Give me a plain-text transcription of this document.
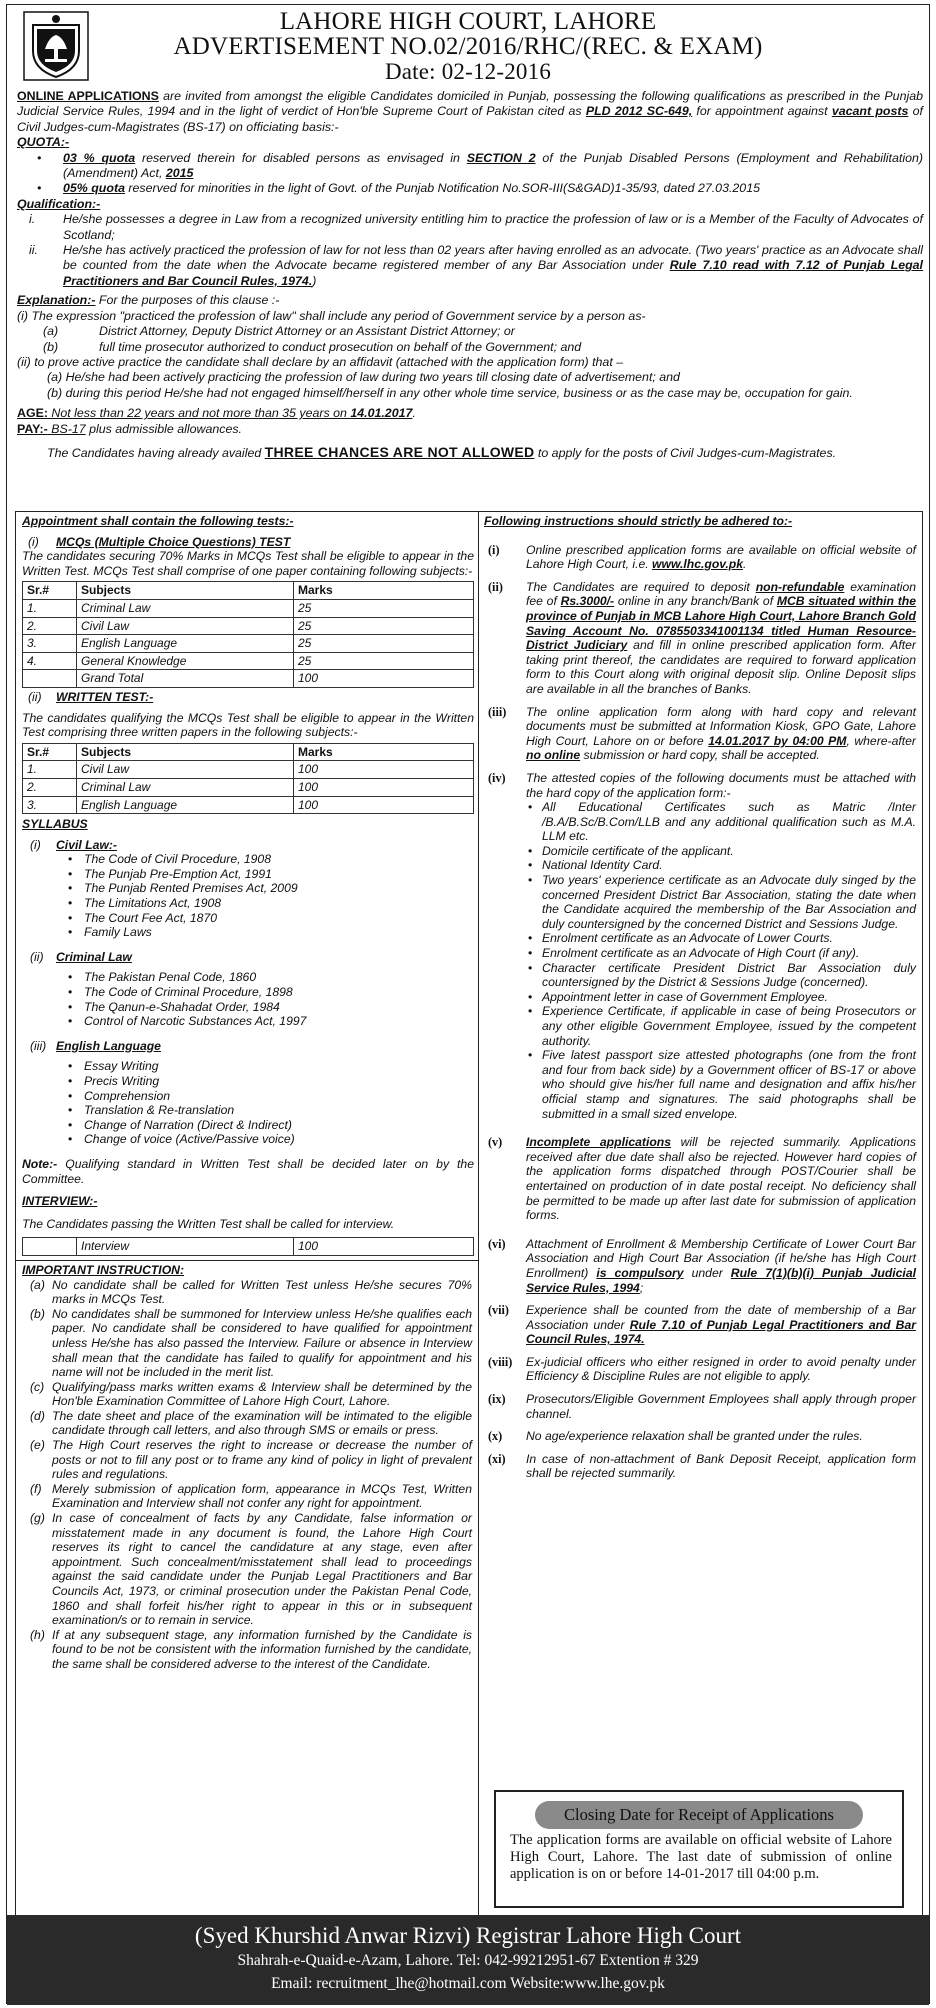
LAHORE HIGH COURT, LAHORE
ADVERTISEMENT NO.02/2016/RHC/(REC. & EXAM)
Date: 02-12-2016

ONLINE APPLICATIONS are invited from amongst the eligible Candidates domiciled in Punjab, possessing the following qualifications as prescribed in the Punjab Judicial Service Rules, 1994 and in the light of verdict of Hon'ble Supreme Court of Pakistan cited as PLD 2012 SC-649, for appointment against vacant posts of Civil Judges-cum-Magistrates (BS-17) on officiating basis:-

QUOTA:-
•	03 % quota reserved therein for disabled persons as envisaged in SECTION 2 of the Punjab Disabled Persons (Employment and Rehabilitation) (Amendment) Act, 2015
•	05% quota reserved for minorities in the light of Govt. of the Punjab Notification No.SOR-III(S&GAD)1-35/93, dated 27.03.2015
Qualification:-
i.	He/she possesses a degree in Law from a recognized university entitling him to practice the profession of law or is a Member of the Faculty of Advocates of Scotland;
ii.	He/she has actively practiced the profession of law for not less than 02 years after having enrolled as an advocate. (Two years' practice as an Advocate shall be counted from the date when the Advocate became registered member of any Bar Association under Rule 7.10 read with 7.12 of Punjab Legal Practitioners and Bar Council Rules, 1974.)
Explanation:- For the purposes of this clause :-
(i) The expression "practiced the profession of law" shall include any period of Government service by a person as-
(a)	District Attorney, Deputy District Attorney or an Assistant District Attorney; or
(b)	full time prosecutor authorized to conduct prosecution on behalf of the Government; and
(ii) to prove active practice the candidate shall declare by an affidavit (attached with the application form) that –
(a) He/she had been actively practicing the profession of law during two years till closing date of advertisement; and
(b) during this period He/she had not engaged himself/herself in any other whole time service, business or as the case may be, occupation for gain.
AGE: Not less than 22 years and not more than 35 years on 14.01.2017.
PAY:- BS-17 plus admissible allowances.
The Candidates having already availed THREE CHANCES ARE NOT ALLOWED to apply for the posts of Civil Judges-cum-Magistrates.
Appointment shall contain the following tests:-
(i)	MCQs (Multiple Choice Questions) TEST
The candidates securing 70% Marks in MCQs Test shall be eligible to appear in the Written Test. MCQs Test shall comprise of one paper containing following subjects:-
Sr.#	Subjects	Marks
1.	Criminal Law	25
2.	Civil Law	25
3.	English Language	25
4.	General Knowledge	25
	Grand Total	100
(ii)	WRITTEN TEST:-
The candidates qualifying the MCQs Test shall be eligible to appear in the Written Test comprising three written papers in the following subjects:-
Sr.#	Subjects	Marks
1.	Civil Law	100
2.	Criminal Law	100
3.	English Language	100
SYLLABUS
(i)	Civil Law:-
• The Code of Civil Procedure, 1908
• The Punjab Pre-Emption Act, 1991
• The Punjab Rented Premises Act, 2009
• The Limitations Act, 1908
• The Court Fee Act, 1870
• Family Laws
(ii)	Criminal Law
• The Pakistan Penal Code, 1860
• The Code of Criminal Procedure, 1898
• The Qanun-e-Shahadat Order, 1984
• Control of Narcotic Substances Act, 1997
(iii) English Language
• Essay Writing
• Precis Writing
• Comprehension
• Translation & Re-translation
• Change of Narration (Direct & Indirect)
• Change of voice (Active/Passive voice)
Note:- Qualifying standard in Written Test shall be decided later on by the Committee.
INTERVIEW:-
The Candidates passing the Written Test shall be called for interview.
	Interview	100
IMPORTANT INSTRUCTION:
(a) No candidate shall be called for Written Test unless He/she secures 70% marks in MCQs Test.
(b) No candidates shall be summoned for Interview unless He/she qualifies each paper. No candidate shall be considered to have qualified for appointment unless He/she has also passed the Interview. Failure or absence in Interview shall mean that the candidate has failed to qualify for appointment and his name will not be included in the merit list.
(c) Qualifying/pass marks written exams & Interview shall be determined by the Hon'ble Examination Committee of Lahore High Court, Lahore.
(d) The date sheet and place of the examination will be intimated to the eligible candidate through call letters, and also through SMS or emails or press.
(e) The High Court reserves the right to increase or decrease the number of posts or not to fill any post or to frame any kind of policy in light of prevalent rules and regulations.
(f) Merely submission of application form, appearance in MCQs Test, Written Examination and Interview shall not confer any right for appointment.
(g) In case of concealment of facts by any Candidate, false information or misstatement made in any document is found, the Lahore High Court reserves its right to cancel the candidature at any stage, even after appointment. Such concealment/misstatement shall lead to proceedings against the said candidate under the Punjab Legal Practitioners and Bar Councils Act, 1973, or criminal prosecution under the Pakistan Penal Code, 1860 and shall forfeit his/her right to appear in this or in subsequent examination/s or to remain in service.
(h) If at any subsequent stage, any information furnished by the Candidate is found to be not be consistent with the information furnished by the candidate, the same shall be considered adverse to the interest of the Candidate.
Following instructions should strictly be adhered to:-
(i)	Online prescribed application forms are available on official website of Lahore High Court, i.e. www.lhc.gov.pk.
(ii)	The Candidates are required to deposit non-refundable examination fee of Rs.3000/- online in any branch/Bank of MCB situated within the province of Punjab in MCB Lahore High Court, Lahore Branch Gold Saving Account No. 0785503341001134 titled Human Resource-District Judiciary and fill in online prescribed application form. After taking print thereof, the candidates are required to forward application form to this Court along with original deposit slip. Online Deposit slips are available in all the branches of Banks.
(iii)	The online application form along with hard copy and relevant documents must be submitted at Information Kiosk, GPO Gate, Lahore High Court, Lahore on or before 14.01.2017 by 04:00 PM, where-after no online submission or hard copy, shall be accepted.
(iv)	The attested copies of the following documents must be attached with the hard copy of the application form:-
• All Educational Certificates such as Matric /Inter /B.A/B.Sc/B.Com/LLB and any additional qualification such as M.A. LLM etc.
• Domicile certificate of the applicant.
• National Identity Card.
• Two years' experience certificate as an Advocate duly singed by the concerned President District Bar Association, stating the date when the Candidate acquired the membership of the Bar Association and duly countersigned by the concerned District and Sessions Judge.
• Enrolment certificate as an Advocate of Lower Courts.
• Enrolment certificate as an Advocate of High Court (if any).
• Character certificate President District Bar Association duly countersigned by the District & Sessions Judge (concerned).
• Appointment letter in case of Government Employee.
• Experience Certificate, if applicable in case of being Prosecutors or any other eligible Government Employee, issued by the competent authority.
• Five latest passport size attested photographs (one from the front and four from back side) by a Government officer of BS-17 or above who should give his/her full name and designation and affix his/her official stamp and signatures. The said photographs shall be submitted in a small sized envelope.
(v)	Incomplete applications will be rejected summarily. Applications received after due date shall also be rejected. However hard copies of the application forms dispatched through POST/Courier shall be entertained on production of in date postal receipt. No deficiency shall be permitted to be made up after last date for submission of application forms.
(vi)	Attachment of Enrollment & Membership Certificate of Lower Court Bar Association and High Court Bar Association (if he/she has High Court Enrollment) is compulsory under Rule 7(1)(b)(i) Punjab Judicial Service Rules, 1994;
(vii)	Experience shall be counted from the date of membership of a Bar Association under Rule 7.10 of Punjab Legal Practitioners and Bar Council Rules, 1974.
(viii)	Ex-judicial officers who either resigned in order to avoid penalty under Efficiency & Discipline Rules are not eligible to apply.
(ix)	Prosecutors/Eligible Government Employees shall apply through proper channel.
(x)	No age/experience relaxation shall be granted under the rules.
(xi)	In case of non-attachment of Bank Deposit Receipt, application form shall be rejected summarily.
Closing Date for Receipt of Applications
The application forms are available on official website of Lahore High Court, Lahore. The last date of submission of online application is on or before 14-01-2017 till 04:00 p.m.
(Syed Khurshid Anwar Rizvi) Registrar Lahore High Court
Shahrah-e-Quaid-e-Azam, Lahore. Tel: 042-99212951-67 Extention # 329
Email: recruitment_lhe@hotmail.com Website:www.lhe.gov.pk
